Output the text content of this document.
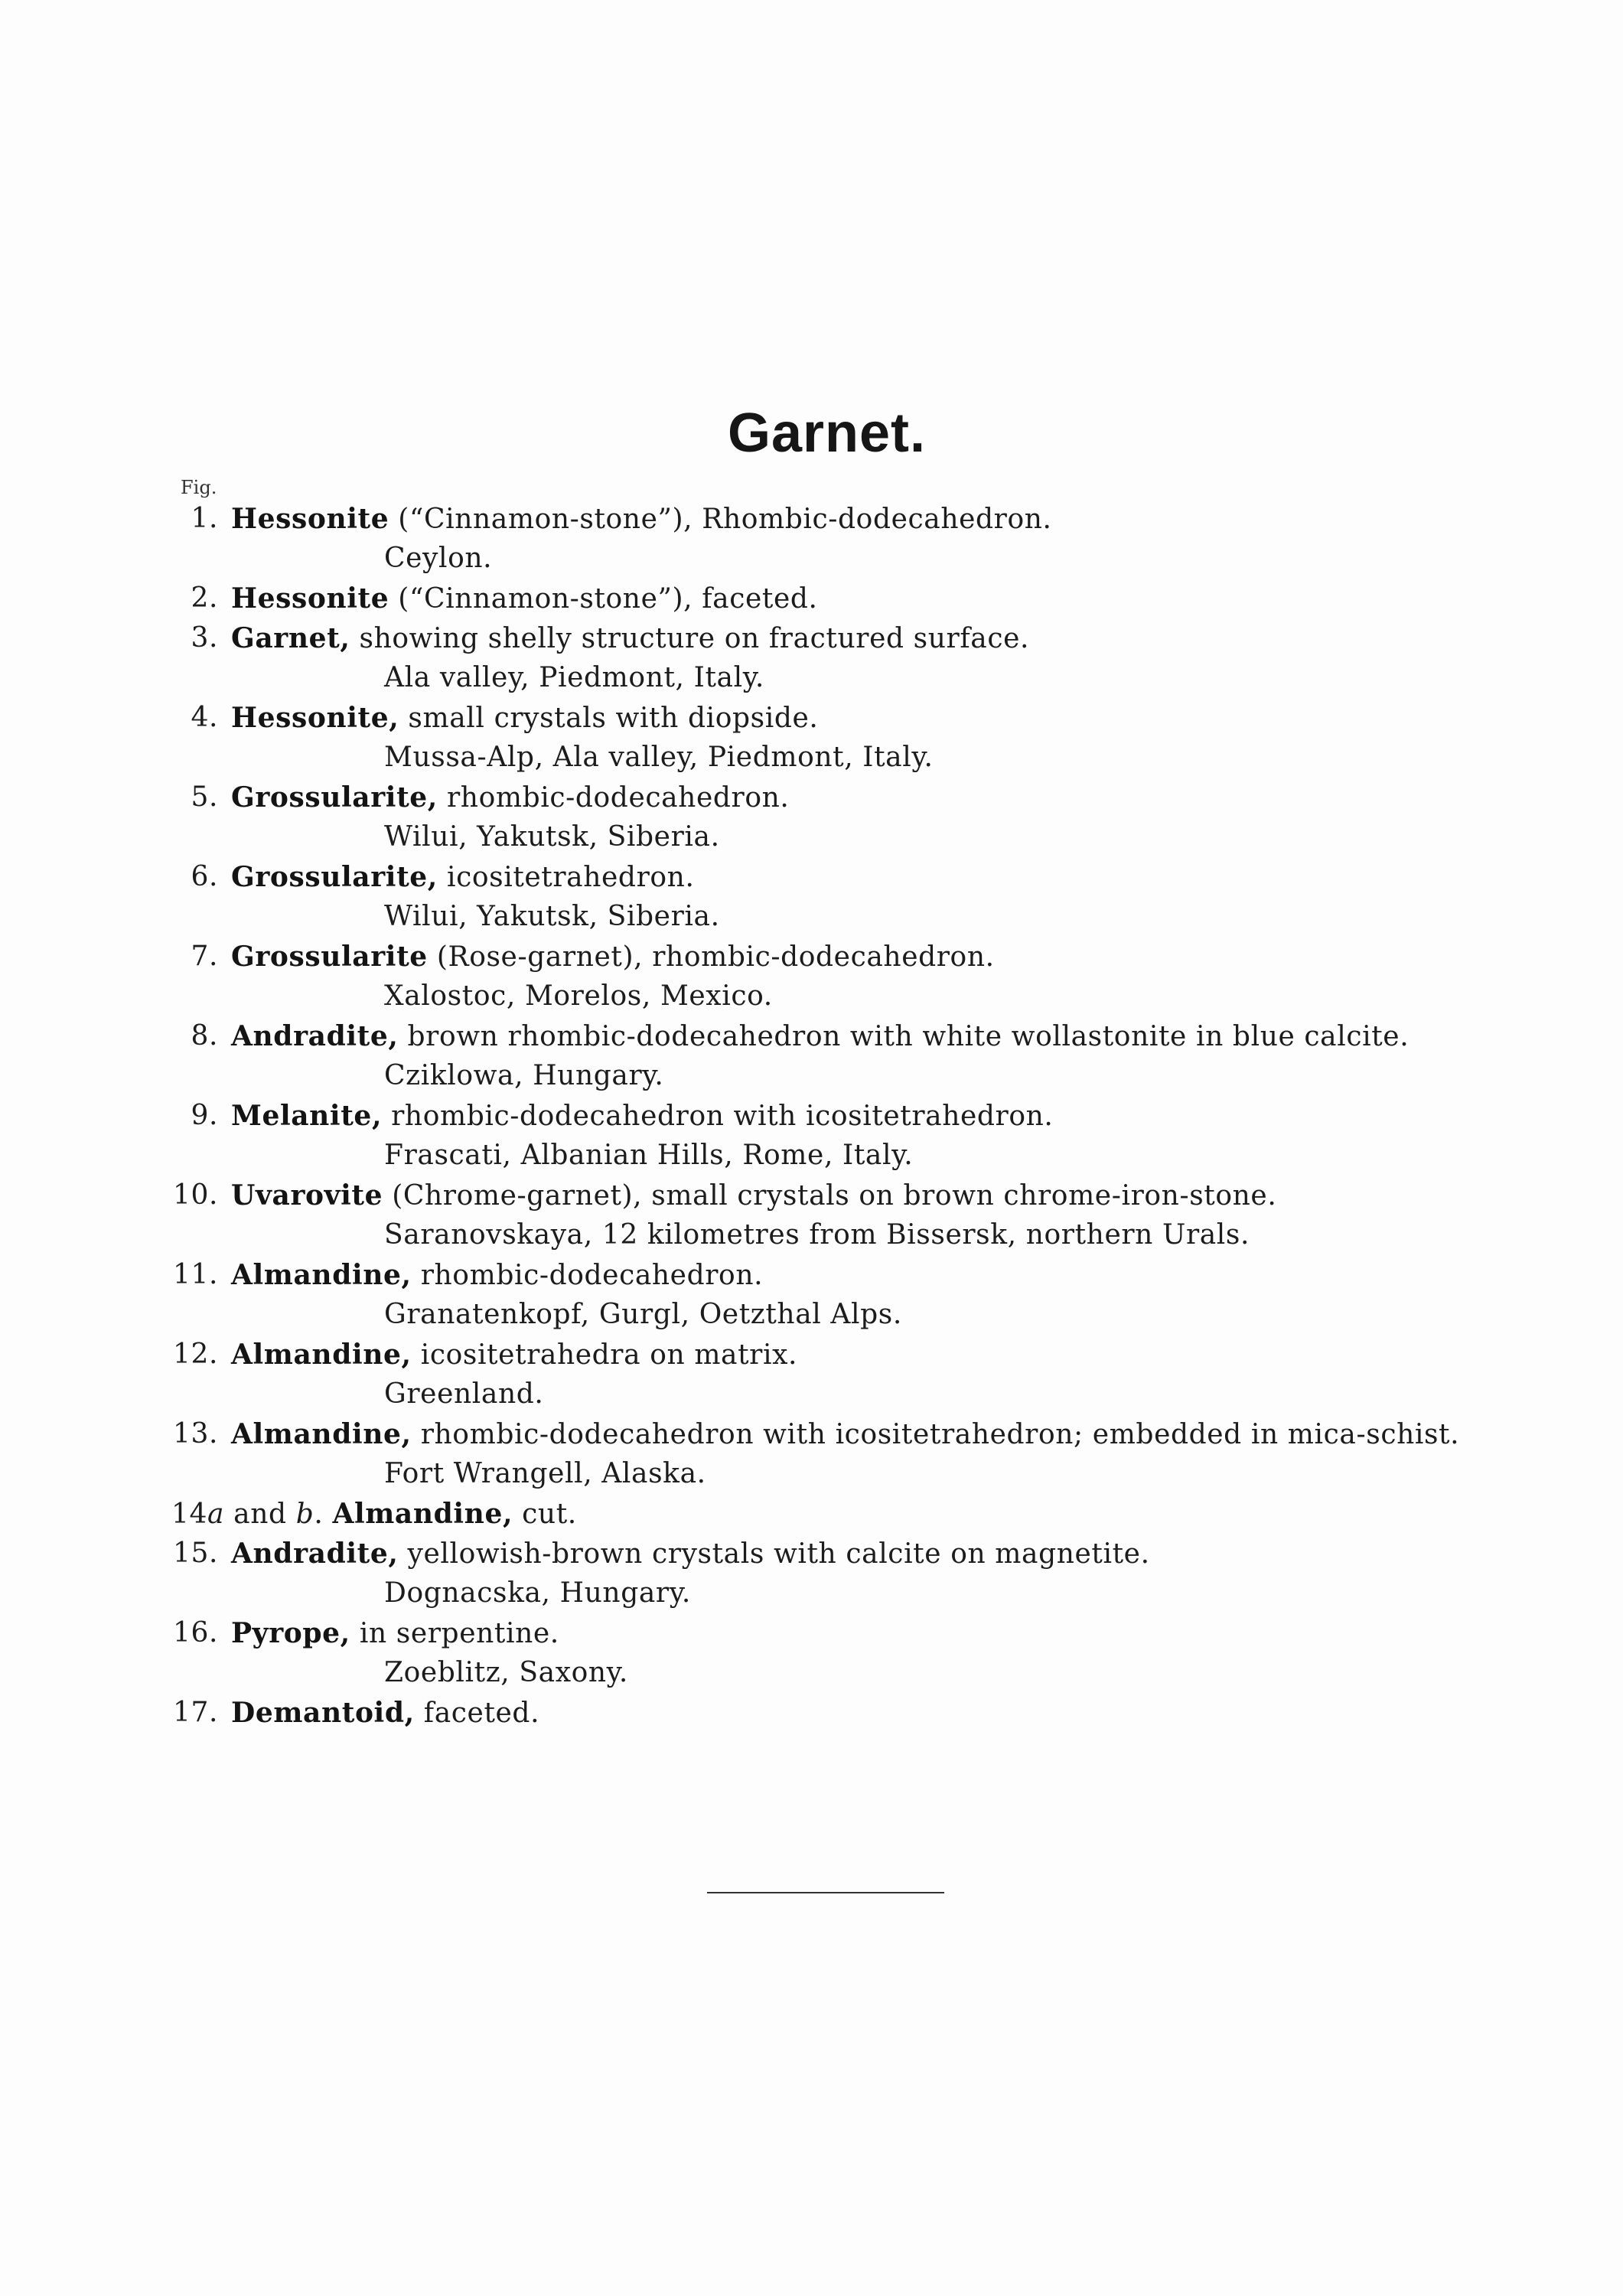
Garnet.
Fig.
1. Hessonite (“Cinnamon-stone”), Rhombic-dodecahedron.
Ceylon.
2. Hessonite (“Cinnamon-stone”), faceted.
3. Garnet, showing shelly structure on fractured surface.
Ala valley, Piedmont, Italy.
4. Hessonite, small crystals with diopside.
Mussa-Alp, Ala valley, Piedmont, Italy.
5. Grossularite, rhombic-dodecahedron.
Wilui, Yakutsk, Siberia.
6. Grossularite, icositetrahedron.
Wilui, Yakutsk, Siberia.
7. Grossularite (Rose-garnet), rhombic-dodecahedron.
Xalostoc, Morelos, Mexico.
8. Andradite, brown rhombic-dodecahedron with white wollastonite in blue calcite.
Cziklowa, Hungary.
9. Melanite, rhombic-dodecahedron with icositetrahedron.
Frascati, Albanian Hills, Rome, Italy.
10. Uvarovite (Chrome-garnet), small crystals on brown chrome-iron-stone.
Saranovskaya, 12 kilometres from Bissersk, northern Urals.
11. Almandine, rhombic-dodecahedron.
Granatenkopf, Gurgl, Oetzthal Alps.
12. Almandine, icositetrahedra on matrix.
Greenland.
13. Almandine, rhombic-dodecahedron with icositetrahedron; embedded in mica-schist.
Fort Wrangell, Alaska.
14a and b. Almandine, cut.
15. Andradite, yellowish-brown crystals with calcite on magnetite.
Dognacska, Hungary.
16. Pyrope, in serpentine.
Zoeblitz, Saxony.
17. Demantoid, faceted.
